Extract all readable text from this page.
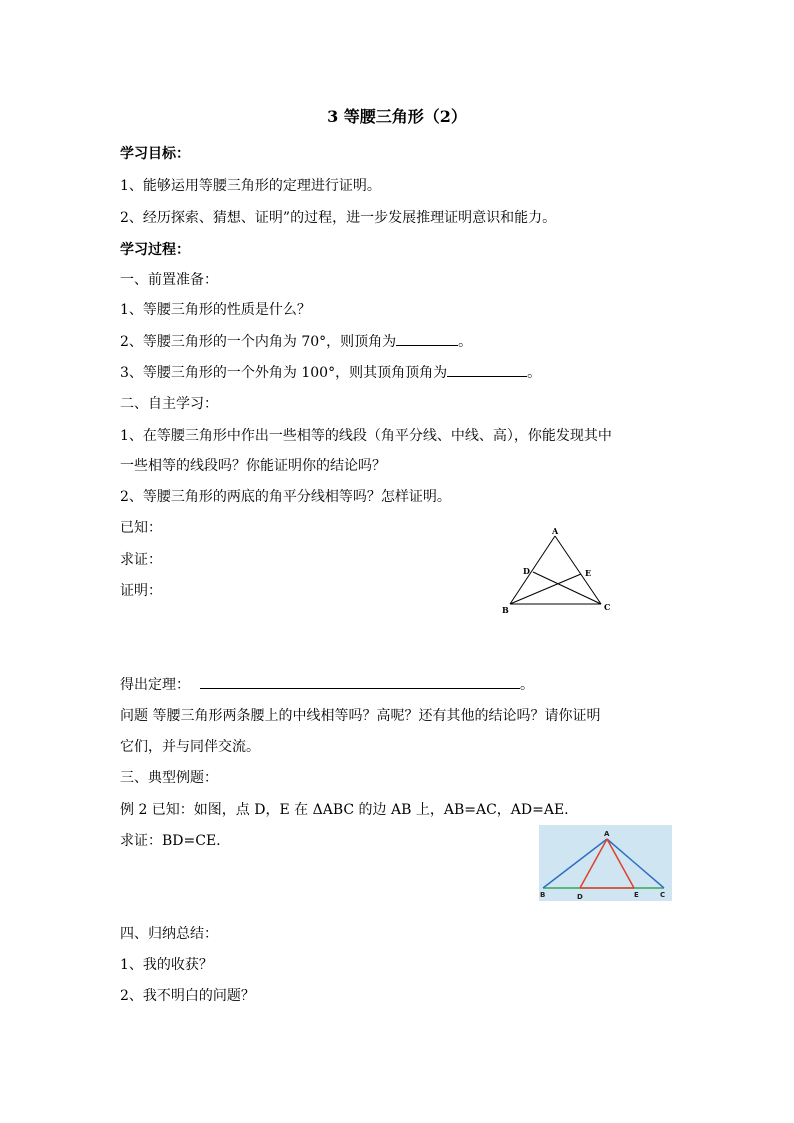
3 等腰三角形（2）
学习目标：
1、能够运用等腰三角形的定理进行证明。
2、经历探索、猜想、证明”的过程，进一步发展推理证明意识和能力。
学习过程：
一、前置准备：
1、等腰三角形的性质是什么？
2、等腰三角形的一个内角为 70°，则顶角为	。
3、等腰三角形的一个外角为 100°，则其顶角顶角为	。
二、自主学习：
1、在等腰三角形中作出一些相等的线段（角平分线、中线、高），你能发现其中
一些相等的线段吗？你能证明你的结论吗？
2、等腰三角形的两底的角平分线相等吗？怎样证明。
已知：
求证：
证明：
A
B	C
D	E
得出定理：	。
问题 等腰三角形两条腰上的中线相等吗？高呢？还有其他的结论吗？请你证明
它们，并与同伴交流。
三、典型例题：
例 2 已知：如图，点 D，E 在 ΔABC 的边 AB 上，AB=AC，AD=AE.
求证：BD=CE.	A
B	C
D	E
四、归纳总结：
1、我的收获？
2、我不明白的问题？
